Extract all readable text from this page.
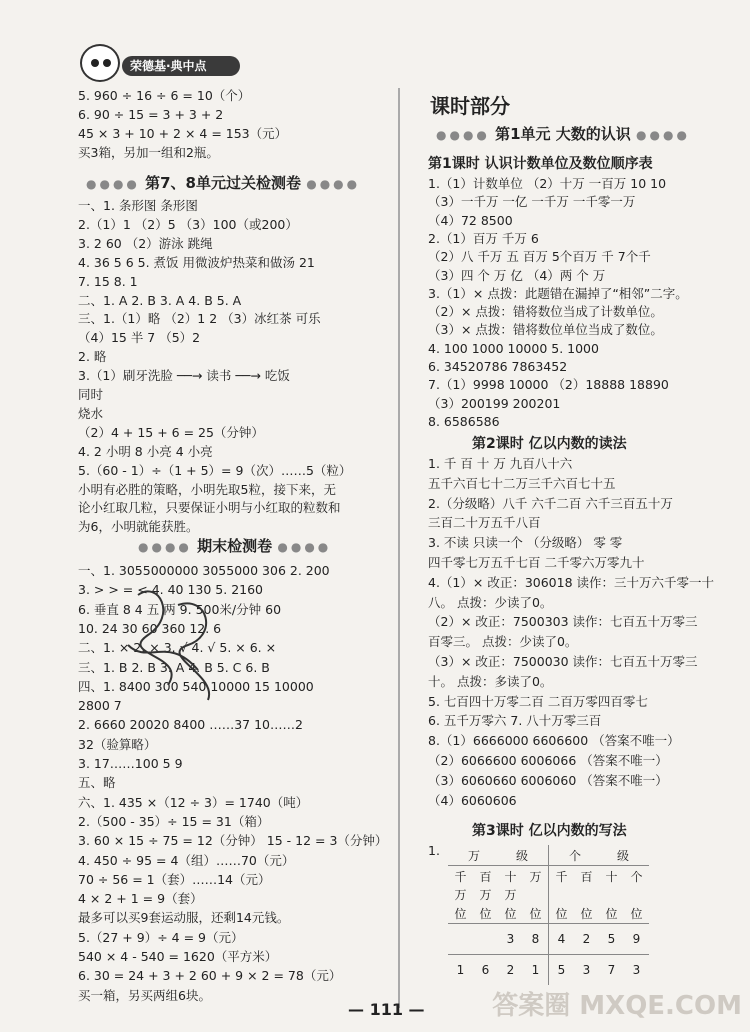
荣德基·典中点
5. 960 ÷ 16 ÷ 6 = 10（个）
6. 90 ÷ 15 = 3 + 3 + 2
45 × 3 + 10 + 2 × 4 = 153（元）
买3箱，另加一组和2瓶。
●●●● 第7、8单元过关检测卷 ●●●●
一、1. 条形图 条形图
2.（1）1 （2）5 （3）100（或200）
3. 2 60 （2）游泳 跳绳
4. 36 5 6 5. 煮饭 用微波炉热菜和做汤 21
7. 15 8. 1
二、1. A 2. B 3. A 4. B 5. A
三、1.（1）略 （2）1 2 （3）冰红茶 可乐
（4）15 半 7 （5）2
2. 略
3.（1）刷牙洗脸 ──→ 读书 ──→ 吃饭
同时
烧水
（2）4 + 15 + 6 = 25（分钟）
4. 2 小明 8 小亮 4 小亮
5.（60 - 1）÷（1 + 5）= 9（次）……5（粒）
小明有必胜的策略，小明先取5粒，接下来，无
论小红取几粒，只要保证小明与小红取的粒数和
为6，小明就能获胜。
●●●● 期末检测卷 ●●●●
一、1. 3055000000 3055000 306 2. 200
3. > > = < 4. 40 130 5. 2160
6. 垂直 8 4 五 两 9. 500米/分钟 60
10. 24 30 60 360 12. 6
二、1. × 2. × 3. √ 4. √ 5. × 6. ×
三、1. B 2. B 3. A 4. B 5. C 6. B
四、1. 8400 300 540 10000 15 10000
2800 7
2. 6660 20020 8400 ……37 10……2
32（验算略）
3. 17……100 5 9
五、略
六、1. 435 ×（12 ÷ 3）= 1740（吨）
2.（500 - 35）÷ 15 = 31（箱）
3. 60 × 15 ÷ 75 = 12（分钟） 15 - 12 = 3（分钟）
4. 450 ÷ 95 = 4（组）……70（元）
70 ÷ 56 = 1（套）……14（元）
4 × 2 + 1 = 9（套）
最多可以买9套运动服，还剩14元钱。
5.（27 + 9）÷ 4 = 9（元）
540 × 4 - 540 = 1620（平方米）
6. 30 = 24 + 3 + 2 60 + 9 × 2 = 78（元）
买一箱，另买两组6块。
课时部分
●●●● 第1单元 大数的认识 ●●●●
第1课时 认识计数单位及数位顺序表
1.（1）计数单位 （2）十万 一百万 10 10
（3）一千万 一亿 一千万 一千零一万
（4）72 8500
2.（1）百万 千万 6
（2）八 千万 五 百万 5个百万 千 7个千
（3）四 个 万 亿 （4）两 个 万
3.（1）× 点拨：此题错在漏掉了“相邻”二字。
（2）× 点拨：错将数位当成了计数单位。
（3）× 点拨：错将数位单位当成了数位。
4. 100 1000 10000 5. 1000
6. 34520786 7863452
7.（1）9998 10000 （2）18888 18890
（3）200199 200201
8. 6586586
第2课时 亿以内数的读法
1. 千 百 十 万 九百八十六
五千六百七十二万三千六百七十五
2.（分级略）八千 六千二百 六千三百五十万
三百二十万五千八百
3. 不读 只读一个 （分级略） 零 零
四千零七万五千七百 二千零六万零九十
4.（1）× 改正：306018 读作：三十万六千零一十
八。 点拨：少读了0。
（2）× 改正：7500303 读作：七百五十万零三
百零三。 点拨：少读了0。
（3）× 改正：7500030 读作：七百五十万零三
十。 点拨：多读了0。
5. 七百四十万零二百 二百万零四百零七
6. 五千万零六 7. 八十万零三百
8.（1）6666000 6606600 （答案不唯一）
（2）6066600 6006066 （答案不唯一）
（3）6060660 6006060 （答案不唯一）
（4）6060606
第3课时 亿以内数的写法
1. 万　　　 级				个　　　 级			
千	百	十	万	千	百	十	个
万	万	万					
位	位	位	位	位	位	位	位
		3	8	4	2	5	9
1	6	2	1	5	3	7	3
— 111 —	答案圈 MXQE.COM
